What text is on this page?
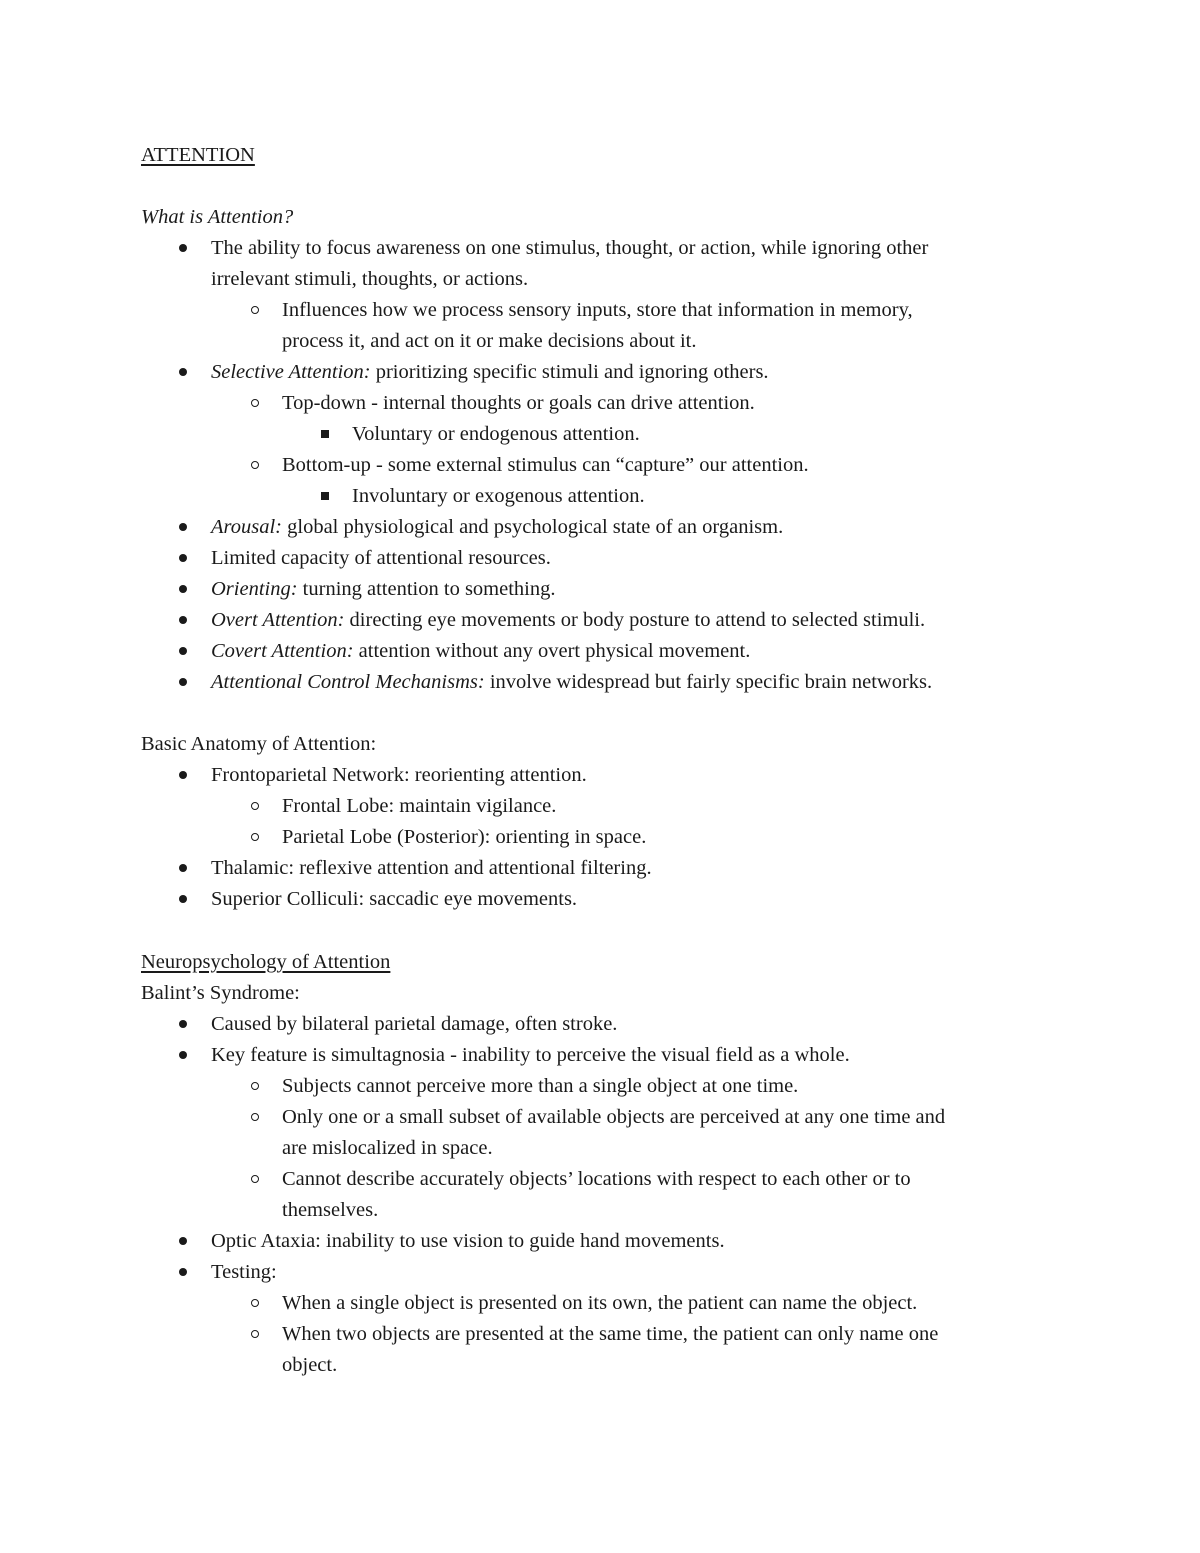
ATTENTION
What is Attention?
The ability to focus awareness on one stimulus, thought, or action, while ignoring other
irrelevant stimuli, thoughts, or actions.
Influences how we process sensory inputs, store that information in memory,
process it, and act on it or make decisions about it.
Selective Attention: prioritizing specific stimuli and ignoring others.
Top-down - internal thoughts or goals can drive attention.
Voluntary or endogenous attention.
Bottom-up - some external stimulus can “capture” our attention.
Involuntary or exogenous attention.
Arousal: global physiological and psychological state of an organism.
Limited capacity of attentional resources.
Orienting: turning attention to something.
Overt Attention: directing eye movements or body posture to attend to selected stimuli.
Covert Attention: attention without any overt physical movement.
Attentional Control Mechanisms: involve widespread but fairly specific brain networks.
Basic Anatomy of Attention:
Frontoparietal Network: reorienting attention.
Frontal Lobe: maintain vigilance.
Parietal Lobe (Posterior): orienting in space.
Thalamic: reflexive attention and attentional filtering.
Superior Colliculi: saccadic eye movements.
Neuropsychology of Attention
Balint’s Syndrome:
Caused by bilateral parietal damage, often stroke.
Key feature is simultagnosia - inability to perceive the visual field as a whole.
Subjects cannot perceive more than a single object at one time.
Only one or a small subset of available objects are perceived at any one time and
are mislocalized in space.
Cannot describe accurately objects’ locations with respect to each other or to
themselves.
Optic Ataxia: inability to use vision to guide hand movements.
Testing:
When a single object is presented on its own, the patient can name the object.
When two objects are presented at the same time, the patient can only name one
object.
